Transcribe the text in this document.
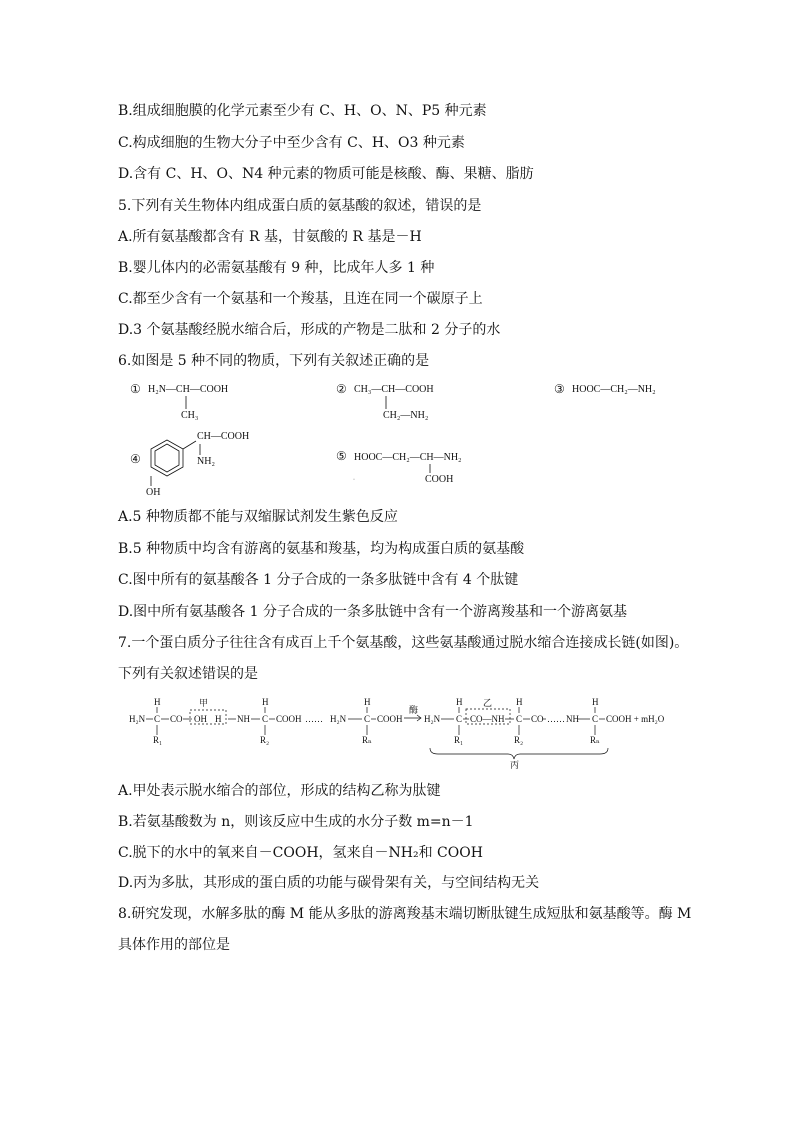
B.组成细胞膜的化学元素至少有 C、H、O、N、P5 种元素
C.构成细胞的生物大分子中至少含有 C、H、O3 种元素
D.含有 C、H、O、N4 种元素的物质可能是核酸、酶、果糖、脂肪
5.下列有关生物体内组成蛋白质的氨基酸的叙述，错误的是
A.所有氨基酸都含有 R 基，甘氨酸的 R 基是－H
B.婴儿体内的必需氨基酸有 9 种，比成年人多 1 种
C.都至少含有一个氨基和一个羧基，且连在同一个碳原子上
D.3 个氨基酸经脱水缩合后，形成的产物是二肽和 2 分子的水
6.如图是 5 种不同的物质，下列有关叙述正确的是
① H₂N—CH—COOH
CH₃
② CH₃—CH—COOH
CH₂—NH₂
③ HOOC—CH₂—NH₂
④
CH—COOH
NH₂
OH
⑤ HOOC—CH₂—CH—NH₂
COOH
·
A.5 种物质都不能与双缩脲试剂发生紫色反应
B.5 种物质中均含有游离的氨基和羧基，均为构成蛋白质的氨基酸
C.图中所有的氨基酸各 1 分子合成的一条多肽链中含有 4 个肽键
D.图中所有氨基酸各 1 分子合成的一条多肽链中含有一个游离羧基和一个游离氨基
7.一个蛋白质分子往往含有成百上千个氨基酸，这些氨基酸通过脱水缩合连接成长链(如图)。
下列有关叙述错误的是
H₂N
H
C
R₁
CO OH
甲
H NH
H
C
R₂
COOH …… H₂N
H
C
Rₙ
COOH
酶
H₂N
H
C
R₁
CO—NH
乙	H
C
R₂
CO …… NH
H
C
Rₙ
COOH + mH₂O
丙
A.甲处表示脱水缩合的部位，形成的结构乙称为肽键
B.若氨基酸数为 n，则该反应中生成的水分子数 m=n－1
C.脱下的水中的氧来自－COOH，氢来自－NH₂和 COOH
D.丙为多肽，其形成的蛋白质的功能与碳骨架有关，与空间结构无关
8.研究发现，水解多肽的酶 M 能从多肽的游离羧基末端切断肽键生成短肽和氨基酸等。酶 M
具体作用的部位是
